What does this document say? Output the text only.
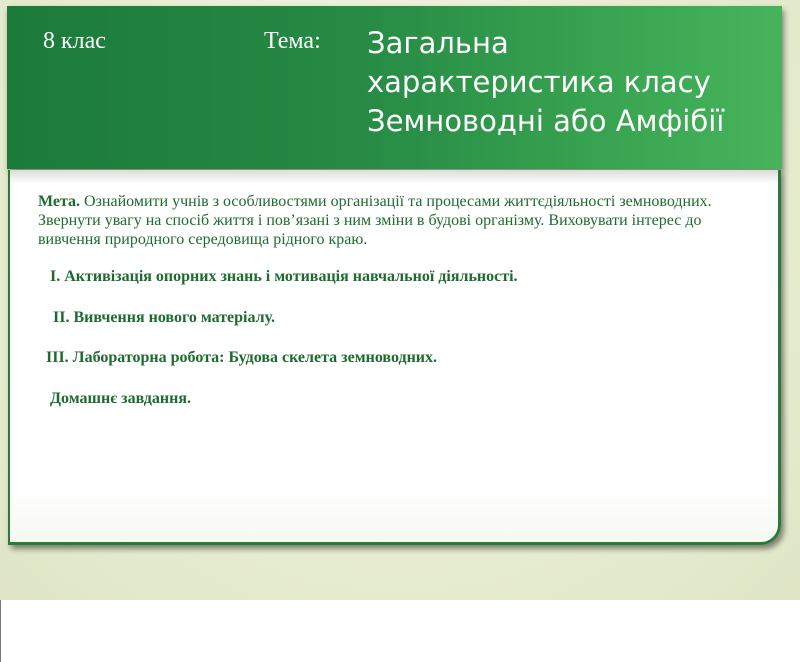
8 клас	Тема: Загальна
характеристика класу
Земноводні або Амфібії
Мета. Ознайомити учнів з особливостями організації та процесами життєдіяльності земноводних. Звернути увагу на спосіб життя і пов’язані з ним зміни в будові організму. Виховувати інтерес до вивчення природного середовища рідного краю.
І. Активізація опорних знань і мотивація навчальної діяльності.
ІІ. Вивчення нового матеріалу.
ІІІ. Лабораторна робота: Будова скелета земноводних.
Домашнє завдання.
